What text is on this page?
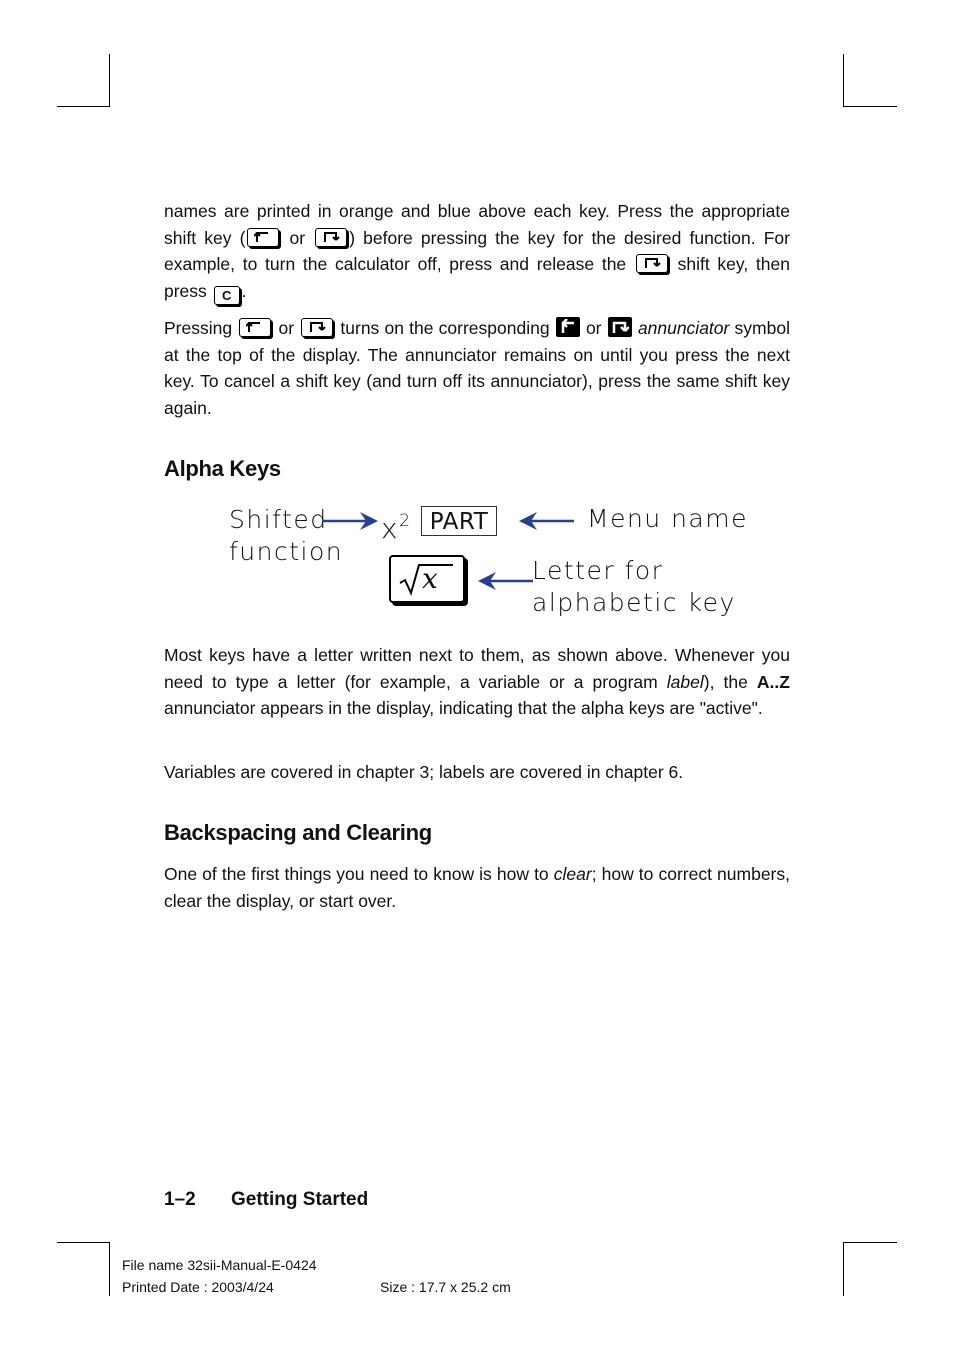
names are printed in orange and blue above each key. Press the appropriate shift key (
or
) before pressing the key for the desired function. For example, to turn the calculator off, press and release the
shift key, then press C .
Pressing
or
turns on the corresponding
or
annunciator symbol at the top of the display. The annunciator remains on until you press the next key. To cancel a shift key (and turn off its annunciator), press the same shift key again.
Alpha Keys
Shifted
function
$x^2$ PART	Menu name
x	Letter for
alphabetic key
Most keys have a letter written next to them, as shown above. Whenever you need to type a letter (for example, a variable or a program label), the A..Z annunciator appears in the display, indicating that the alpha keys are "active".
Variables are covered in chapter 3; labels are covered in chapter 6.
Backspacing and Clearing
One of the first things you need to know is how to clear; how to correct numbers, clear the display, or start over.
1–2 Getting Started
File name 32sii-Manual-E-0424
Printed Date : 2003/4/24	Size : 17.7 x 25.2 cm
